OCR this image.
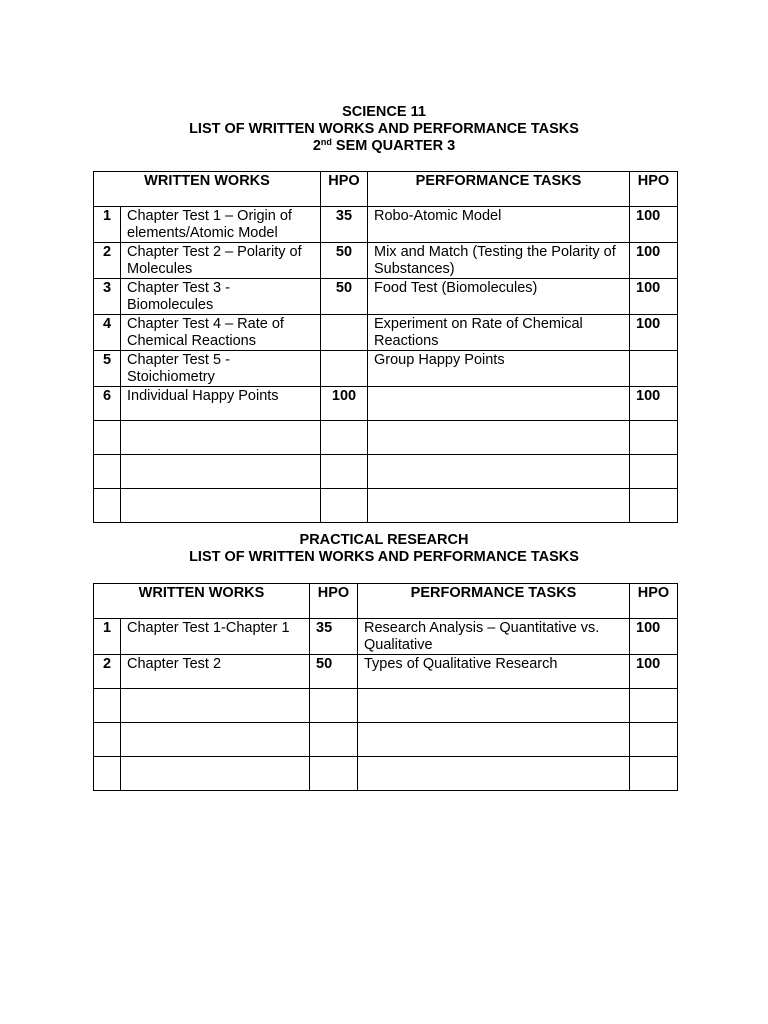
SCIENCE 11
LIST OF WRITTEN WORKS AND PERFORMANCE TASKS
2nd SEM QUARTER 3
WRITTEN WORKS		HPO	PERFORMANCE TASKS	HPO
1	Chapter Test 1 – Origin of elements/Atomic Model	35	Robo-Atomic Model	100
2	Chapter Test 2 – Polarity of Molecules	50	Mix and Match (Testing the Polarity of Substances)	100
3	Chapter Test 3 - Biomolecules	50	Food Test (Biomolecules)	100
4	Chapter Test 4 – Rate of Chemical Reactions		Experiment on Rate of Chemical Reactions	100
5	Chapter Test 5 - Stoichiometry		Group Happy Points	
6	Individual Happy Points	100		100

PRACTICAL RESEARCH
LIST OF WRITTEN WORKS AND PERFORMANCE TASKS
WRITTEN WORKS		HPO	PERFORMANCE TASKS	HPO
1	Chapter Test 1-Chapter 1	35	Research Analysis – Quantitative vs. Qualitative	100
2	Chapter Test 2	50	Types of Qualitative Research	100
